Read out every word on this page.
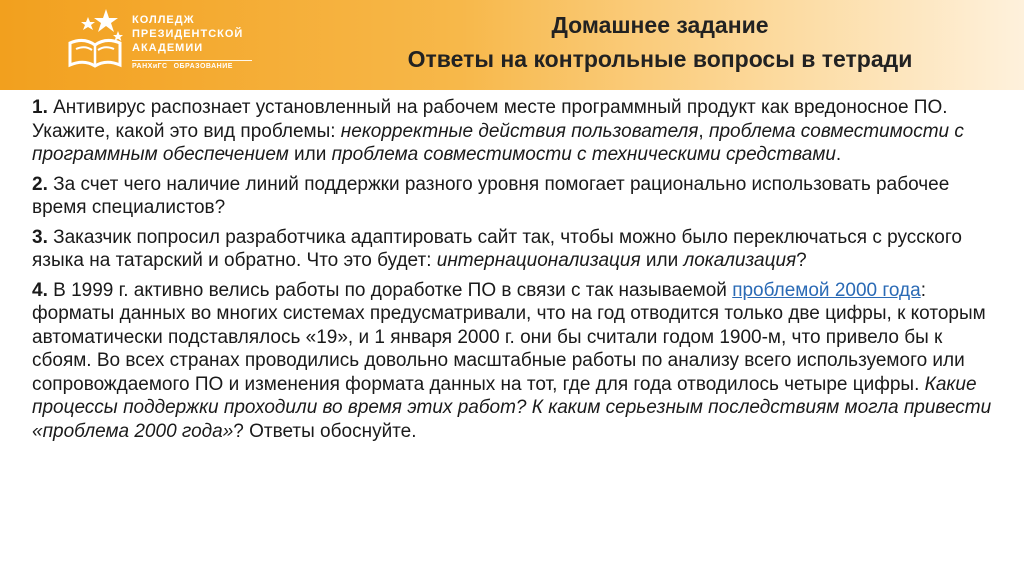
КОЛЛЕДЖ
ПРЕЗИДЕНТСКОЙ
АКАДЕМИИ
РАНХиГС ОБРАЗОВАНИЕ
Домашнее задание
Ответы на контрольные вопросы в тетради

1. Антивирус распознает установленный на рабочем месте программный продукт как вредоносное ПО. Укажите, какой это вид проблемы: некорректные действия пользователя, проблема совместимости с программным обеспечением или проблема совместимости с техническими средствами.

2. За счет чего наличие линий поддержки разного уровня помогает рационально использовать рабочее время специалистов?

3. Заказчик попросил разработчика адаптировать сайт так, чтобы можно было переключаться с русского языка на татарский и обратно. Что это будет: интернационализация или локализация?

4. В 1999 г. активно велись работы по доработке ПО в связи с так называемой проблемой 2000 года: форматы данных во многих системах предусматривали, что на год отводится только две цифры, к которым автоматически подставлялось «19», и 1 января 2000 г. они бы считали годом 1900-м, что привело бы к сбоям. Во всех странах проводились довольно масштабные работы по анализу всего используемого или сопровождаемого ПО и изменения формата данных на тот, где для года отводилось четыре цифры. Какие процессы поддержки проходили во время этих работ? К каким серьезным последствиям могла привести «проблема 2000 года»? Ответы обоснуйте.
